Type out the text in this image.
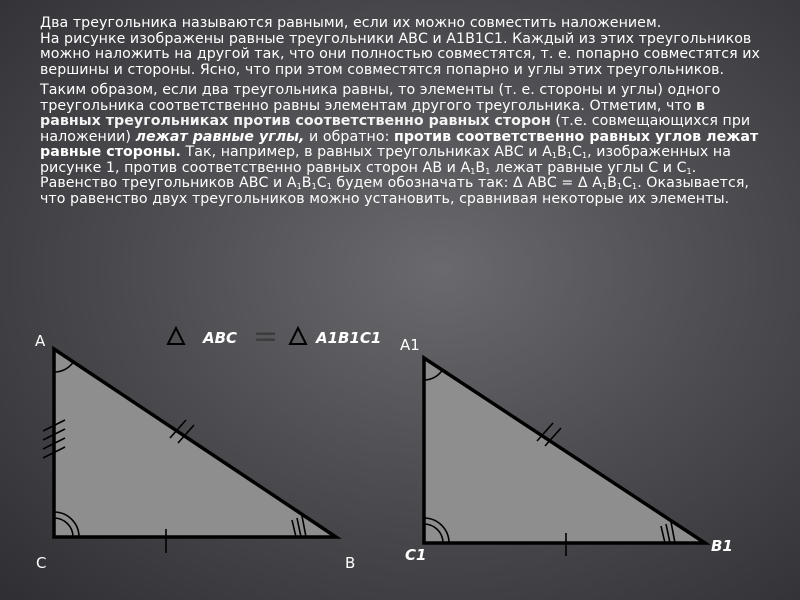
Два треугольника называются равными, если их можно совместить наложением.

На рисунке изображены равные треугольники АВС и А1В1С1. Каждый из этих треугольников можно наложить на другой так, что они полностью совместятся, т. е. попарно совместятся их вершины и стороны. Ясно, что при этом совместятся попарно и углы этих треугольников.

Таким образом, если два треугольника равны, то элементы (т. е. стороны и углы) одного треугольника соответственно равны элементам другого треугольника. Отметим, что в равных треугольниках против соответственно равных сторон (т.е. совмещающихся при наложении) лежат равные углы, и обратно: против соответственно равных углов лежат равные стороны. Так, например, в равных треугольниках АВС и $А_1В_1С_1$, изображенных на рисунке 1, против соответственно равных сторон АВ и $А_1В_1$ лежат равные углы С и $С_1$. Равенство треугольников АВС и $А_1В_1С_1$ будем обозначать так: Δ АВС = Δ $А_1В_1С_1$. Оказывается, что равенство двух треугольников можно установить, сравнивая некоторые их элементы.

ABC =	A1B1C1
A
C	B
A1
C1	B1
